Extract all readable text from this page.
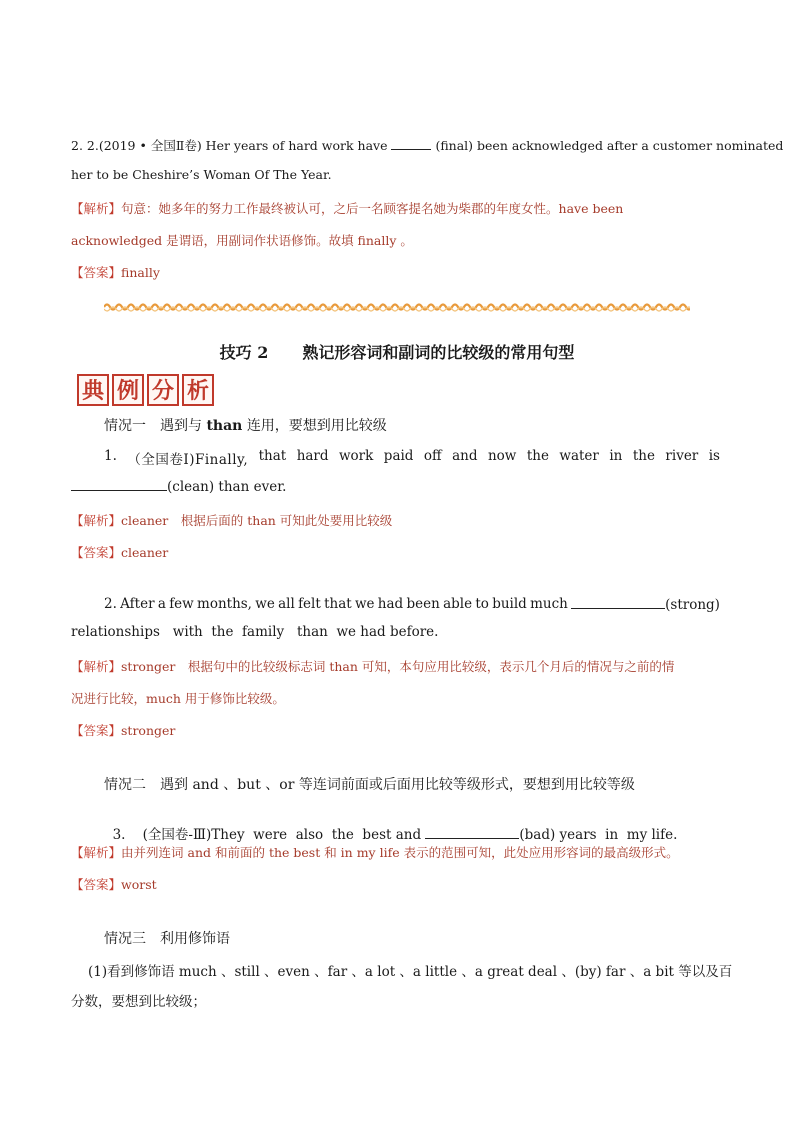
2. 2.(2019 • 全国Ⅱ卷) Her years of hard work have	(final) been acknowledged after a customer nominated
her to be Cheshire’s Woman Of The Year.
【解析】句意：她多年的努力工作最终被认可，之后一名顾客提名她为柴郡的年度女性。have been
acknowledged 是谓语，用副词作状语修饰。故填 finally 。
【答案】finally
技巧 2 熟记形容词和副词的比较级的常用句型
典 例 分 析
情况一　遇到与 than 连用，要想到用比较级
1. （全国卷Ⅰ)Finally, that hard work paid off and now the water in the river is
(clean) than ever.
【解析】cleaner　根据后面的 than 可知此处要用比较级
【答案】cleaner
2. After a few months, we all felt that we had been able to build much	(strong)
relationships   with  the  family   than  we had before.
【解析】stronger　根据句中的比较级标志词 than 可知，本句应用比较级，表示几个月后的情况与之前的情
况进行比较，much 用于修饰比较级。
【答案】stronger
情况二　遇到 and 、but 、or 等连词前面或后面用比较等级形式，要想到用比较等级

3. (全国卷-Ⅲ)They  were  also  the  best and	(bad) years  in  my life.

【解析】由并列连词 and 和前面的 the best 和 in my life 表示的范围可知，此处应用形容词的最高级形式。
【答案】worst
情况三　利用修饰语
(1)看到修饰语 much 、still 、even 、far 、a lot 、a little 、a great deal 、(by) far 、a bit 等以及百
分数，要想到比较级；
